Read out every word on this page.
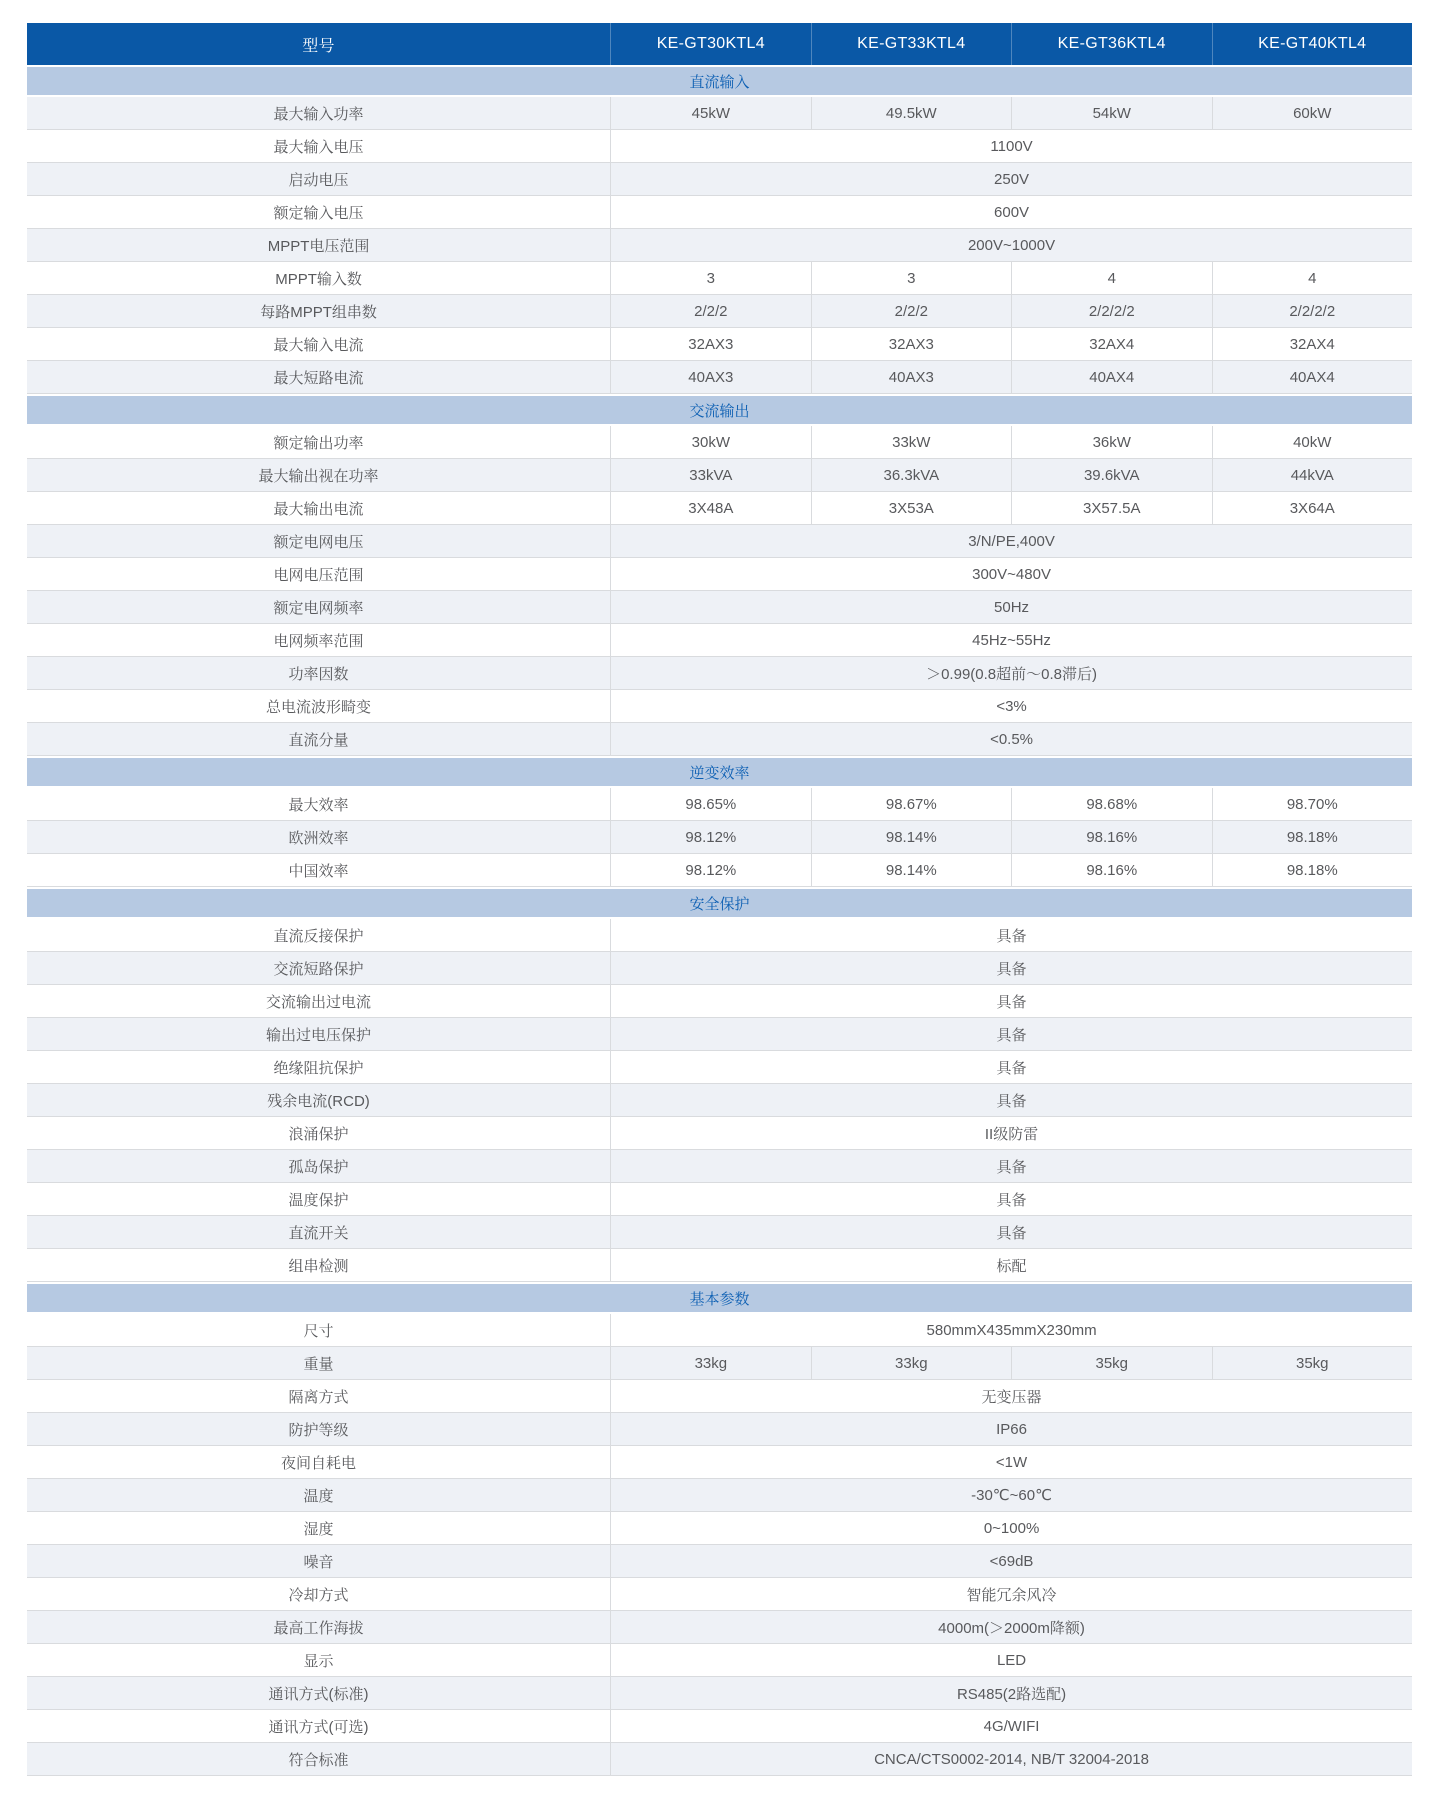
型号	KE-GT30KTL4	KE-GT33KTL4	KE-GT36KTL4	KE-GT40KTL4
直流输入				
最大输入功率	45kW	49.5kW	54kW	60kW
最大输入电压	1100V			
启动电压	250V			
额定输入电压	600V			
MPPT电压范围	200V~1000V			
MPPT输入数	3	3	4	4
每路MPPT组串数	2/2/2	2/2/2	2/2/2/2	2/2/2/2
最大输入电流	32AX3	32AX3	32AX4	32AX4
最大短路电流	40AX3	40AX3	40AX4	40AX4
交流输出				
额定输出功率	30kW	33kW	36kW	40kW
最大输出视在功率	33kVA	36.3kVA	39.6kVA	44kVA
最大输出电流	3X48A	3X53A	3X57.5A	3X64A
额定电网电压	3/N/PE,400V			
电网电压范围	300V~480V			
额定电网频率	50Hz			
电网频率范围	45Hz~55Hz			
功率因数	＞0.99(0.8超前～0.8滞后)			
总电流波形畸变	<3%			
直流分量	<0.5%			
逆变效率				
最大效率	98.65%	98.67%	98.68%	98.70%
欧洲效率	98.12%	98.14%	98.16%	98.18%
中国效率	98.12%	98.14%	98.16%	98.18%
安全保护				
直流反接保护	具备			
交流短路保护	具备			
交流输出过电流	具备			
输出过电压保护	具备			
绝缘阻抗保护	具备			
残余电流(RCD)	具备			
浪涌保护	II级防雷			
孤岛保护	具备			
温度保护	具备			
直流开关	具备			
组串检测	标配			
基本参数				
尺寸	580mmX435mmX230mm			
重量	33kg	33kg	35kg	35kg
隔离方式	无变压器			
防护等级	IP66			
夜间自耗电	<1W			
温度	-30℃~60℃			
湿度	0~100%			
噪音	<69dB			
冷却方式	智能冗余风冷			
最高工作海拔	4000m(＞2000m降额)			
显示	LED			
通讯方式(标准)	RS485(2路选配)			
通讯方式(可选)	4G/WIFI			
符合标准	CNCA/CTS0002-2014, NB/T 32004-2018			
